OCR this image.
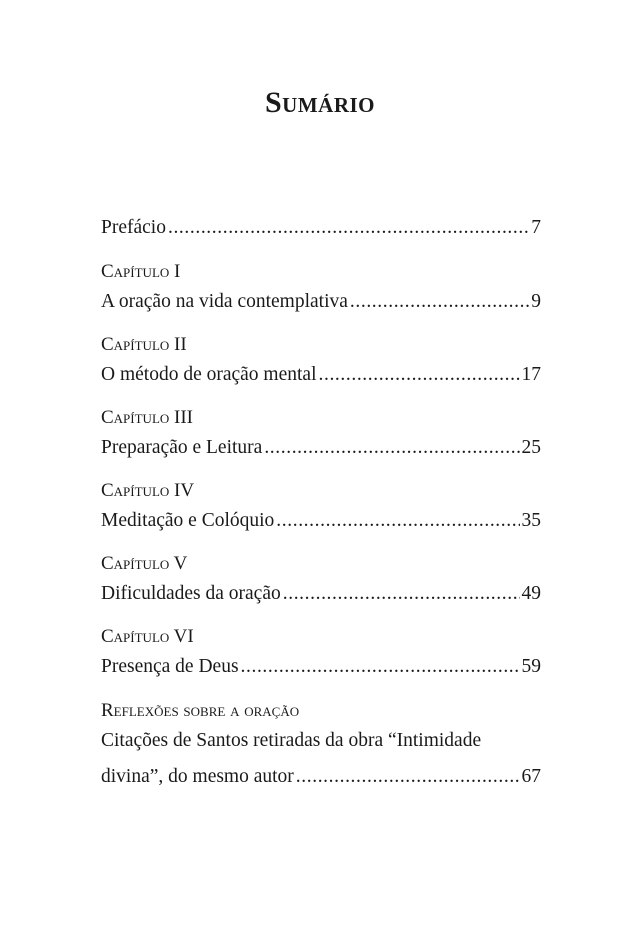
Sumário
Prefácio .....	7
Capítulo I
A oração na vida contemplativa .....	9
Capítulo II
O método de oração mental .....	17
Capítulo III
Preparação e Leitura .....	25
Capítulo IV
Meditação e Colóquio .....	35
Capítulo V
Dificuldades da oração .....	49
Capítulo VI
Presença de Deus .....	59
Reflexões sobre a oração
Citações de Santos retiradas da obra “Intimidade
divina”, do mesmo autor .....	67
